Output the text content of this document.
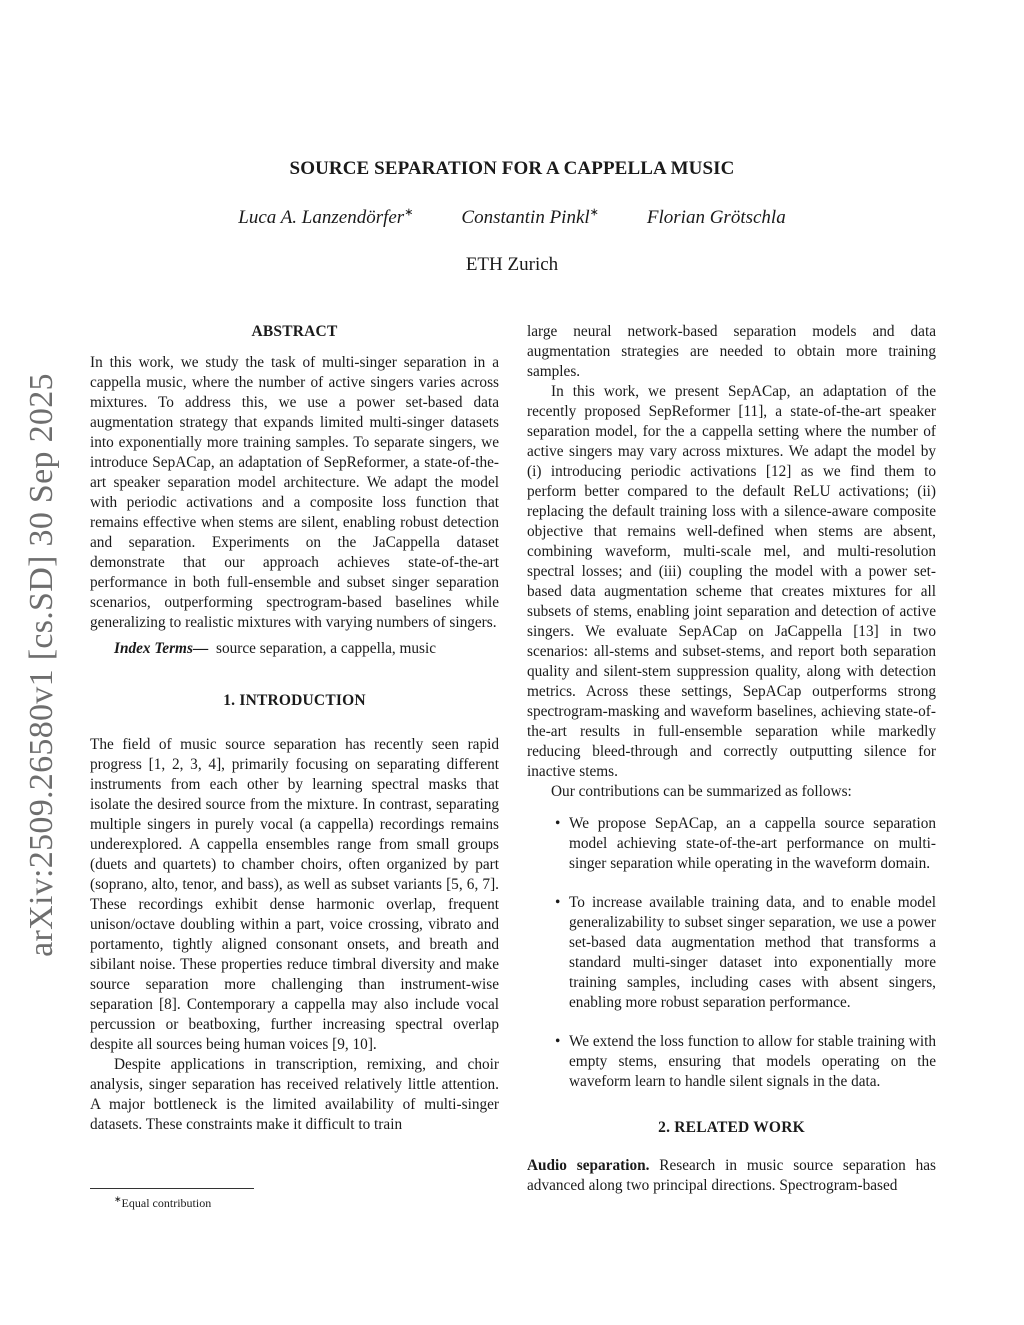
arXiv:2509.26580v1 [cs.SD] 30 Sep 2025
SOURCE SEPARATION FOR A CAPPELLA MUSIC
Luca A. Lanzendörfer∗	Constantin Pinkl∗	Florian Grötschla
ETH Zurich
ABSTRACT

In this work, we study the task of multi-singer separation in a cappella music, where the number of active singers varies across mixtures. To address this, we use a power set-based data augmentation strategy that expands limited multi-singer datasets into exponentially more training samples. To separate singers, we introduce SepACap, an adaptation of SepReformer, a state-of-the-art speaker separation model architecture. We adapt the model with periodic activations and a composite loss function that remains effective when stems are silent, enabling robust detection and separation. Experiments on the JaCappella dataset demonstrate that our approach achieves state-of-the-art performance in both full-ensemble and subset singer separation scenarios, outperforming spectrogram-based baselines while generalizing to realistic mixtures with varying numbers of singers.

Index Terms— source separation, a cappella, music

1. INTRODUCTION

The field of music source separation has recently seen rapid progress [1, 2, 3, 4], primarily focusing on separating different instruments from each other by learning spectral masks that isolate the desired source from the mixture. In contrast, separating multiple singers in purely vocal (a cappella) recordings remains underexplored. A cappella ensembles range from small groups (duets and quartets) to chamber choirs, often organized by part (soprano, alto, tenor, and bass), as well as subset variants [5, 6, 7]. These recordings exhibit dense harmonic overlap, frequent unison/octave doubling within a part, voice crossing, vibrato and portamento, tightly aligned consonant onsets, and breath and sibilant noise. These properties reduce timbral diversity and make source separation more challenging than instrument-wise separation [8]. Contemporary a cappella may also include vocal percussion or beatboxing, further increasing spectral overlap despite all sources being human voices [9, 10].

Despite applications in transcription, remixing, and choir analysis, singer separation has received relatively little attention. A major bottleneck is the limited availability of multi-singer datasets. These constraints make it difficult to train

large neural network-based separation models and data augmentation strategies are needed to obtain more training samples.

In this work, we present SepACap, an adaptation of the recently proposed SepReformer [11], a state-of-the-art speaker separation model, for the a cappella setting where the number of active singers may vary across mixtures. We adapt the model by (i) introducing periodic activations [12] as we find them to perform better compared to the default ReLU activations; (ii) replacing the default training loss with a silence-aware composite objective that remains well-defined when stems are absent, combining waveform, multi-scale mel, and multi-resolution spectral losses; and (iii) coupling the model with a power set-based data augmentation scheme that creates mixtures for all subsets of stems, enabling joint separation and detection of active singers. We evaluate SepACap on JaCappella [13] in two scenarios: all-stems and subset-stems, and report both separation quality and silent-stem suppression quality, along with detection metrics. Across these settings, SepACap outperforms strong spectrogram-masking and waveform baselines, achieving state-of-the-art results in full-ensemble separation while markedly reducing bleed-through and correctly outputting silence for inactive stems.

Our contributions can be summarized as follows:

• We propose SepACap, an a cappella source separation model achieving state-of-the-art performance on multi-singer separation while operating in the waveform domain.
• To increase available training data, and to enable model generalizability to subset singer separation, we use a power set-based data augmentation method that transforms a standard multi-singer dataset into exponentially more training samples, including cases with absent singers, enabling more robust separation performance.
• We extend the loss function to allow for stable training with empty stems, ensuring that models operating on the waveform learn to handle silent signals in the data.
2. RELATED WORK

Audio separation. Research in music source separation has advanced along two principal directions. Spectrogram-based

∗Equal contribution
